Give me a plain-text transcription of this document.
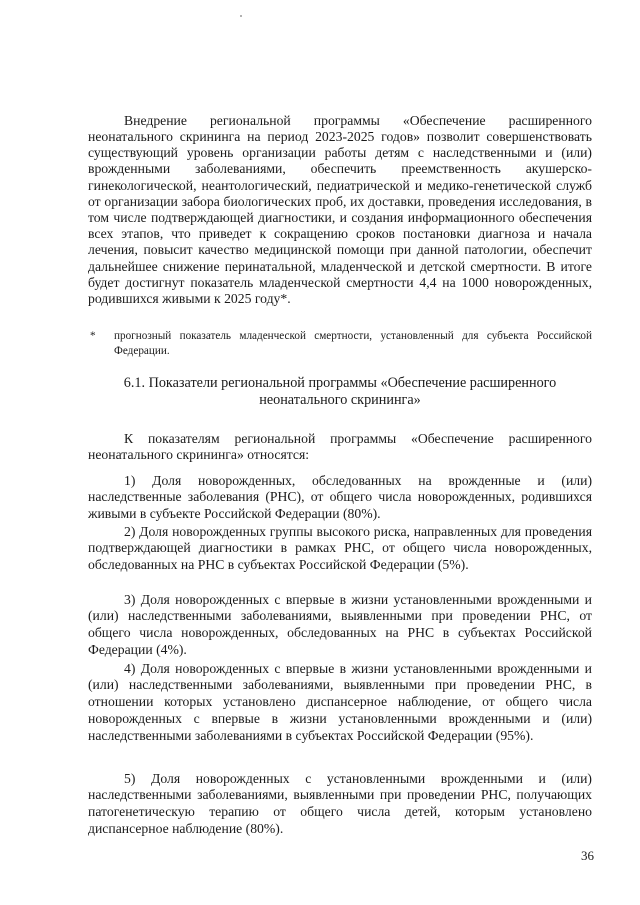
Внедрение региональной программы «Обеспечение расширенного неонатального скрининга на период 2023-2025 годов» позволит совершенствовать существующий уровень организации работы детям с наследственными и (или) врожденными заболеваниями, обеспечить преемственность акушерско-гинекологической, неантологический, педиатрической и медико-генетической служб от организации забора биологических проб, их доставки, проведения исследования, в том числе подтверждающей диагностики, и создания информационного обеспечения всех этапов, что приведет к сокращению сроков постановки диагноза и начала лечения, повысит качество медицинской помощи при данной патологии, обеспечит дальнейшее снижение перинатальной, младенческой и детской смертности. В итоге будет достигнут показатель младенческой смертности 4,4 на 1000 новорожденных, родившихся живыми к 2025 году*.

* прогнозный показатель младенческой смертности, установленный для субъекта Российской Федерации.
6.1. Показатели региональной программы «Обеспечение расширенного
неонатального скрининга»

К показателям региональной программы «Обеспечение расширенного неонатального скрининга» относятся:

1) Доля новорожденных, обследованных на врожденные и (или) наследственные заболевания (РНС), от общего числа новорожденных, родившихся живыми в субъекте Российской Федерации (80%).

2) Доля новорожденных группы высокого риска, направленных для проведения подтверждающей диагностики в рамках РНС, от общего числа новорожденных, обследованных на РНС в субъектах Российской Федерации (5%).

3) Доля новорожденных с впервые в жизни установленными врожденными и (или) наследственными заболеваниями, выявленными при проведении РНС, от общего числа новорожденных, обследованных на РНС в субъектах Российской Федерации (4%).

4) Доля новорожденных с впервые в жизни установленными врожденными и (или) наследственными заболеваниями, выявленными при проведении РНС, в отношении которых установлено диспансерное наблюдение, от общего числа новорожденных с впервые в жизни установленными врожденными и (или) наследственными заболеваниями в субъектах Российской Федерации (95%).

5) Доля новорожденных с установленными врожденными и (или) наследственными заболеваниями, выявленными при проведении РНС, получающих патогенетическую терапию от общего числа детей, которым установлено диспансерное наблюдение (80%).

36
